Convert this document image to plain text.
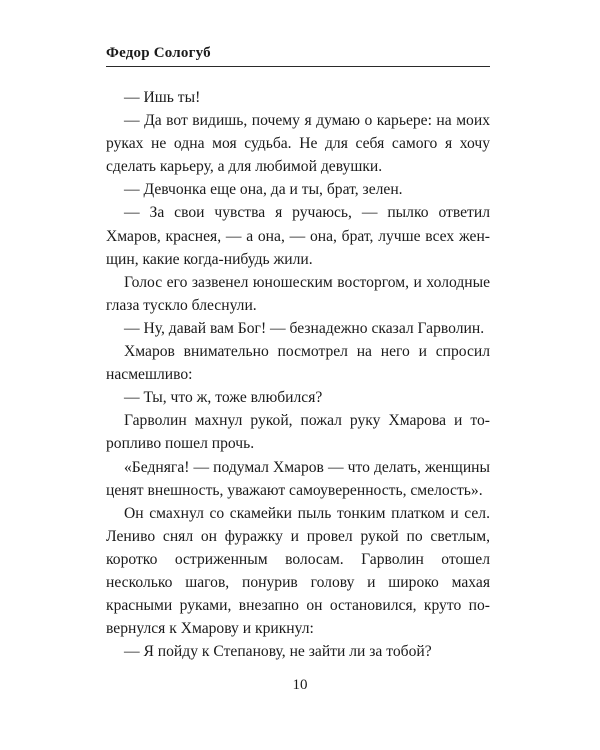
Федор Сологуб

— Ишь ты!

— Да вот видишь, почему я думаю о карьере: на моих руках не одна моя судьба. Не для себя самого я хочу сделать карьеру, а для любимой девушки.

— Девчонка еще она, да и ты, брат, зелен.

— За свои чувства я ручаюсь, — пылко ответил Хмаров, краснея, — а она, — она, брат, лучше всех женщин, какие когда-нибудь жили.

Голос его зазвенел юношеским восторгом, и холодные глаза тускло блеснули.

— Ну, давай вам Бог! — безнадежно сказал Гарволин.

Хмаров внимательно посмотрел на него и спросил насмешливо:

— Ты, что ж, тоже влюбился?

Гарволин махнул рукой, пожал руку Хмарова и торопливо пошел прочь.

«Бедняга! — подумал Хмаров — что делать, женщины ценят внешность, уважают самоуверенность, смелость».

Он смахнул со скамейки пыль тонким платком и сел. Лениво снял он фуражку и провел рукой по светлым, коротко остриженным волосам. Гарволин отошел несколько шагов, понурив голову и широко махая красными руками, внезапно он остановился, круто повернулся к Хмарову и крикнул:

— Я пойду к Степанову, не зайти ли за тобой?

10
